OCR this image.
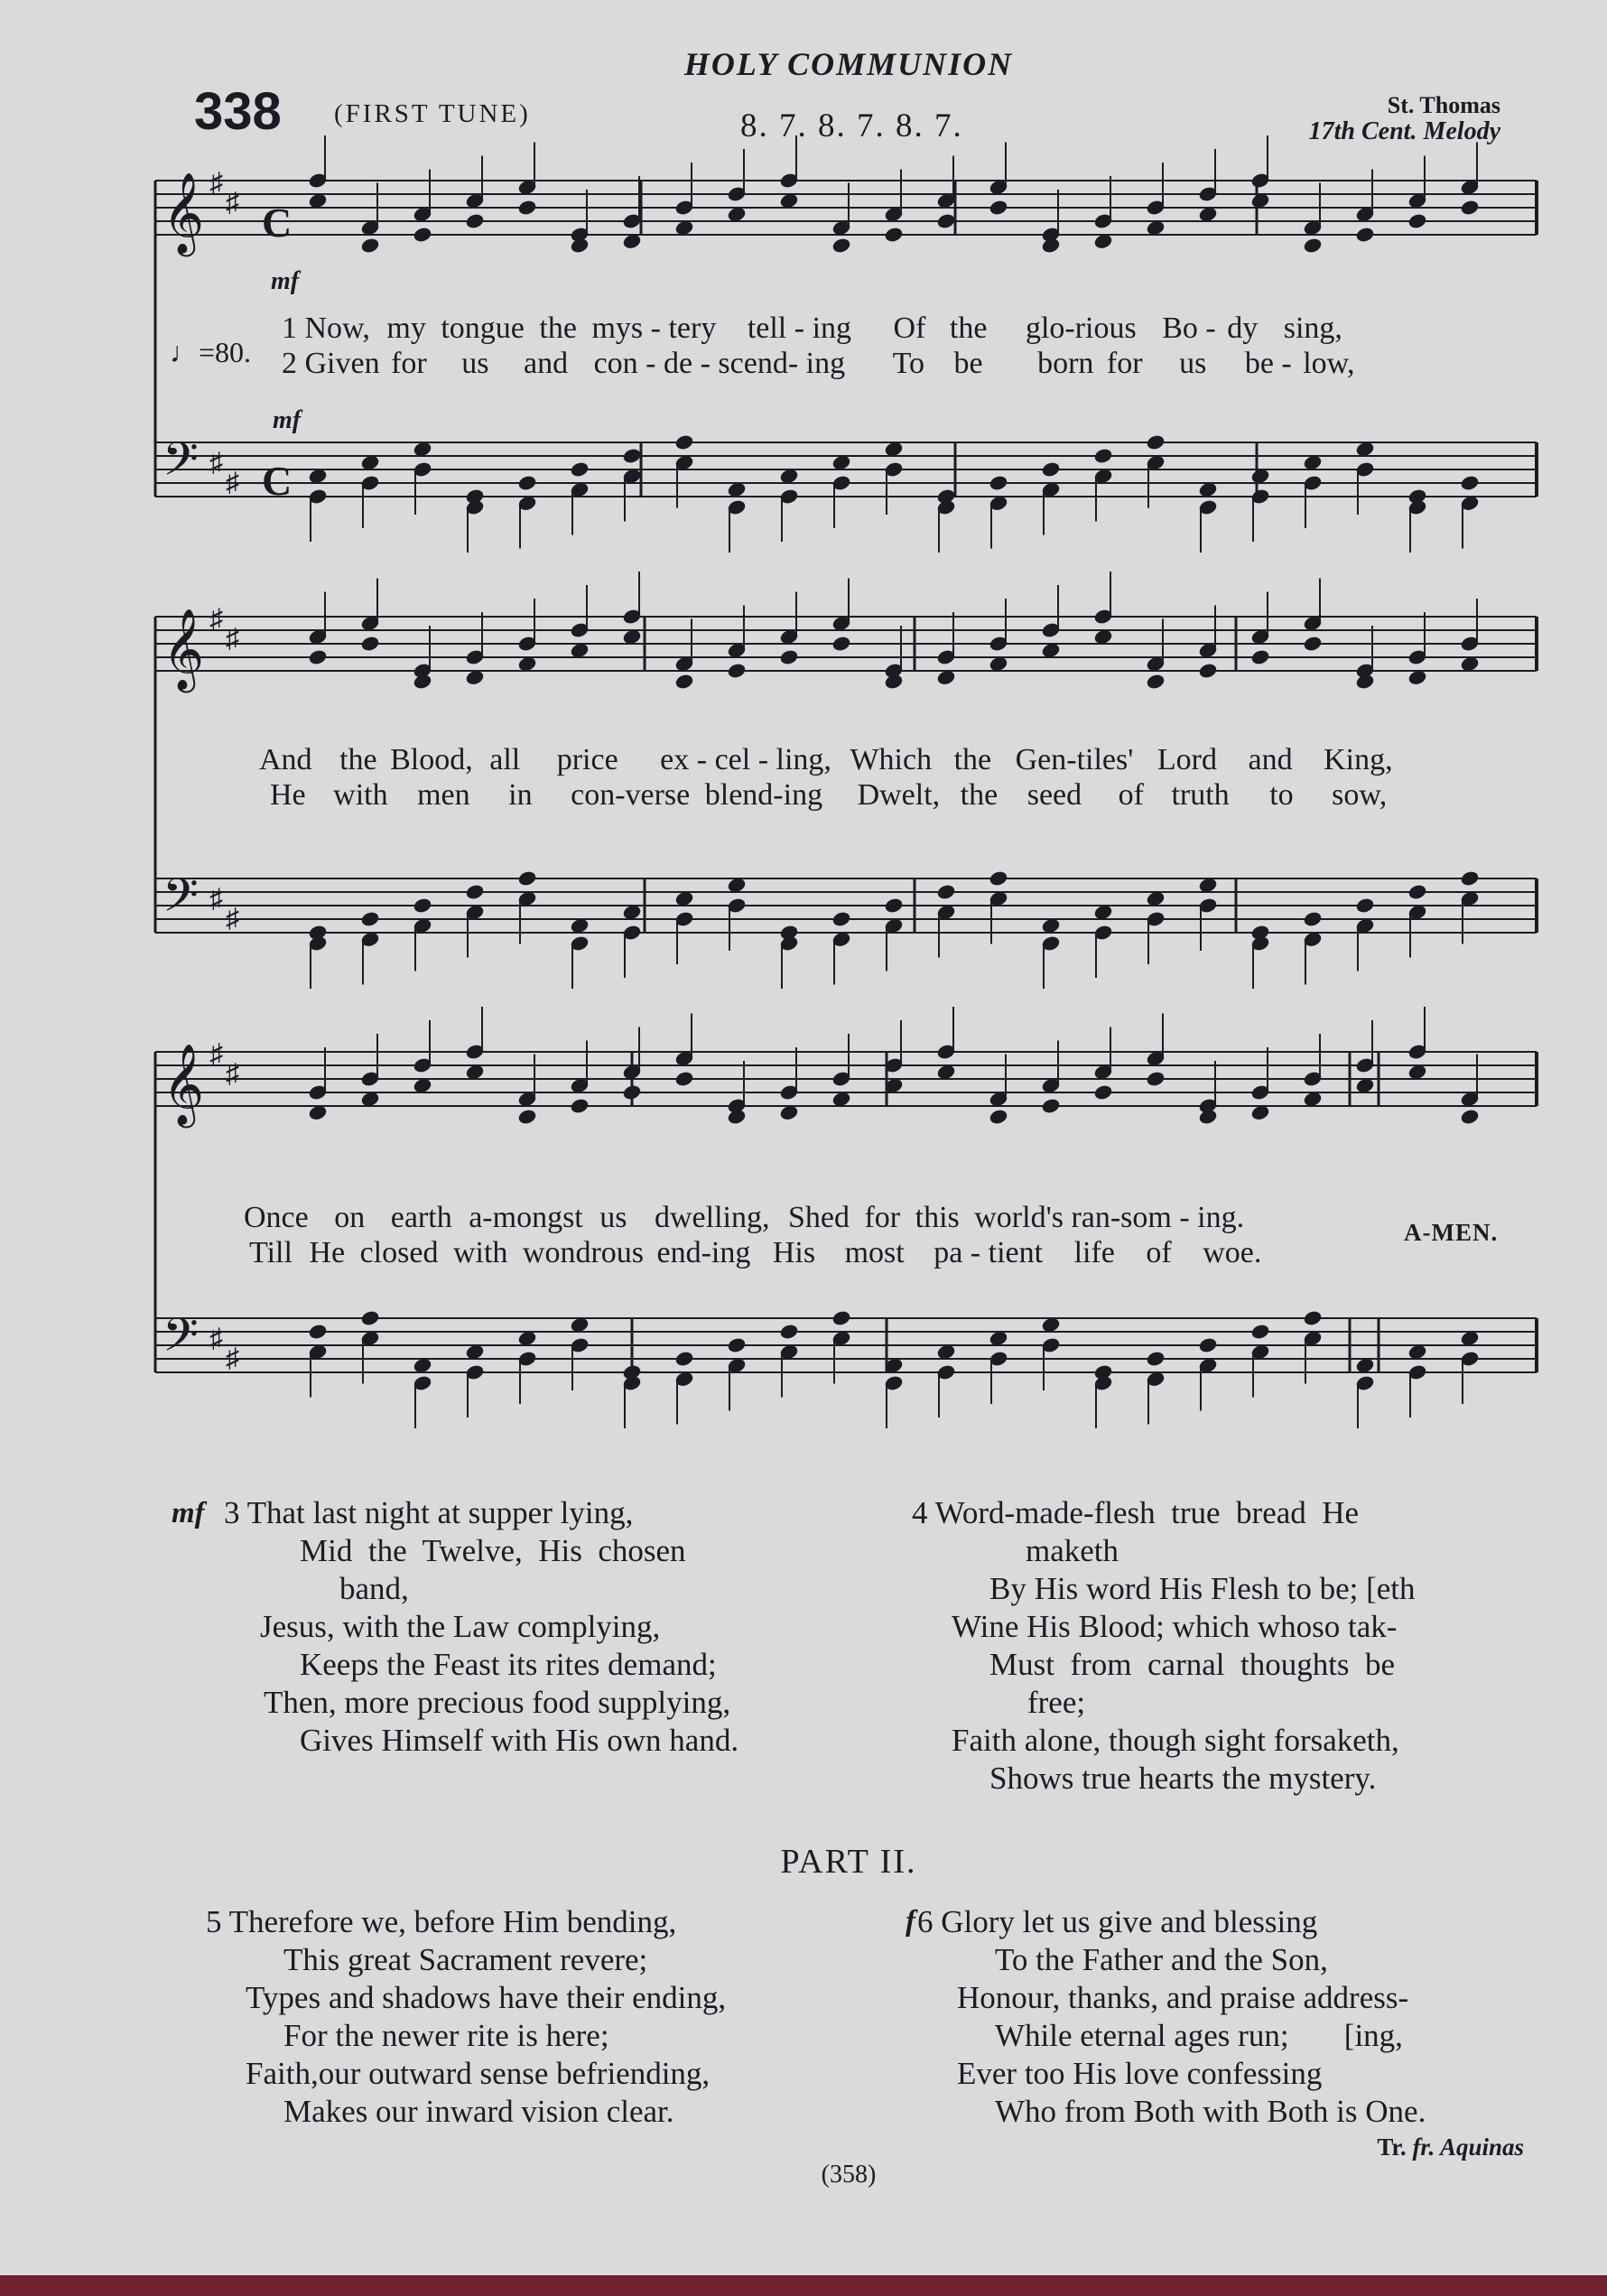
HOLY COMMUNION
338 (FIRST TUNE)	8. 7. 8. 7. 8. 7.
St. Thomas
17th Cent. Melody
♩=80.
𝄞
𝄢
♯
♯
♯
♯
𝄞
𝄢
♯
♯
♯
♯
𝄞
𝄢
♯
♯
♯
♯
C
C
mf
mf
1 Now, my tongue the mys - tery tell - ing Of the glo-rious Bo - dy sing,
2 Given for us and con - de - scend- ing To be born for us be - low,
And the Blood, all price ex - cel - ling, Which the Gen-tiles' Lord and King,
He with men in con-verse blend-ing Dwelt, the seed of truth to sow,
Once on earth a-mongst us dwelling, Shed for this world's ran-som - ing.
Till He closed with wondrous end-ing His most pa - tient life of woe.
A-MEN.
mf 3 That last night at supper lying,
Mid  the  Twelve,  His  chosen
band,
Jesus, with the Law complying,
Keeps the Feast its rites demand;
Then, more precious food supplying,
Gives Himself with His own hand.
4 Word-made-flesh  true  bread  He
maketh
By His word His Flesh to be; [eth
Wine His Blood; which whoso tak-
Must  from  carnal  thoughts  be
free;
Faith alone, though sight forsaketh,
Shows true hearts the mystery.
PART II.
5 Therefore we, before Him bending,
This great Sacrament revere;
Types and shadows have their ending,
For the newer rite is here;
Faith,our outward sense befriending,
Makes our inward vision clear.
f 6 Glory let us give and blessing
To the Father and the Son,
Honour, thanks, and praise address-
While eternal ages run;       [ing,
Ever too His love confessing
Who from Both with Both is One.
Tr. fr. Aquinas
(358)
